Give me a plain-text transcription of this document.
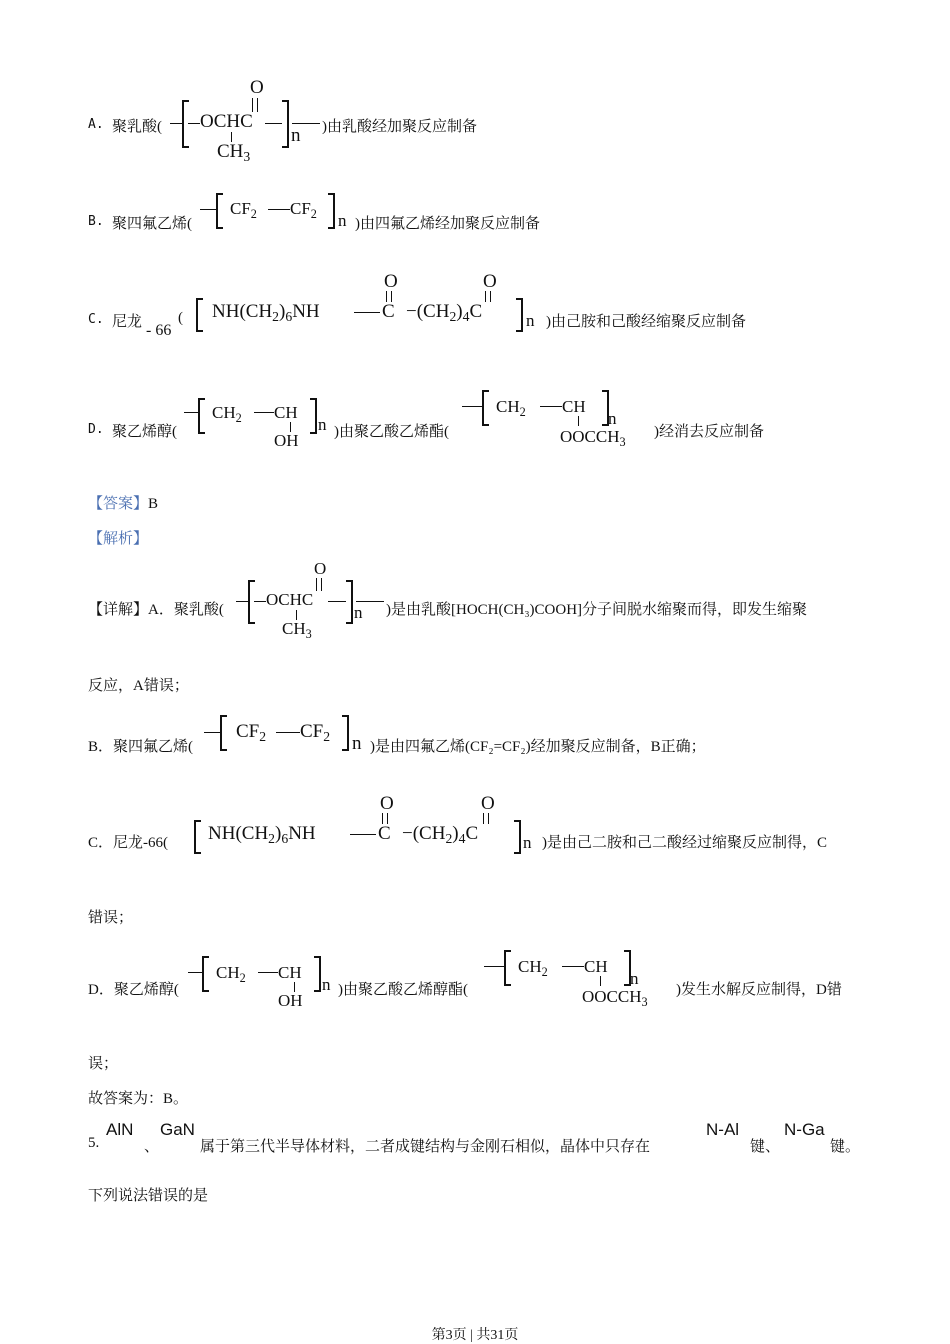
A. 聚乳酸( OCHC
O
$CH_3$
n )由乳酸经加聚反应制备
B. 聚四氟乙烯(
$CF_2$ $CF_2$ n )由四氟乙烯经加聚反应制备
C. 尼龙 - 66
( $NH(CH_2)_6NH$	C
O
$-(CH_2)_4C$
O
n )由己胺和己酸经缩聚反应制备
D. 聚乙烯醇(
$CH_2$ CH
OH
n )由聚乙酸乙烯酯(
$CH_2$ CH
n
$OOCCH_3$
)经消去反应制备
【答案】B
【解析】
【详解】A．聚乳酸(
OCHC
O
$CH_3$
n )是由乳酸[HOCH(CH₃)COOH]分子间脱水缩聚而得，即发生缩聚
反应，A错误；
B．聚四氟乙烯(
$CF_2$ $CF_2$ n )是由四氟乙烯(CF₂=CF₂)经加聚反应制备，B正确；
C．尼龙-66( $NH(CH_2)_6NH$	C
O
$-(CH_2)_4C$
O
n )是由己二胺和己二酸经过缩聚反应制得，C
错误；
D．聚乙烯醇(
$CH_2$ CH
OH
n )由聚乙酸乙烯醇酯(
$CH_2$ CH
n
$OOCCH_3$
)发生水解反应制得，D错
误；
故答案为：B。
5.
AlN
、
GaN
属于第三代半导体材料，二者成键结构与金刚石相似，晶体中只存在
N-Al
键、
N-Ga
键。
下列说法错误的是
第3页 | 共31页
